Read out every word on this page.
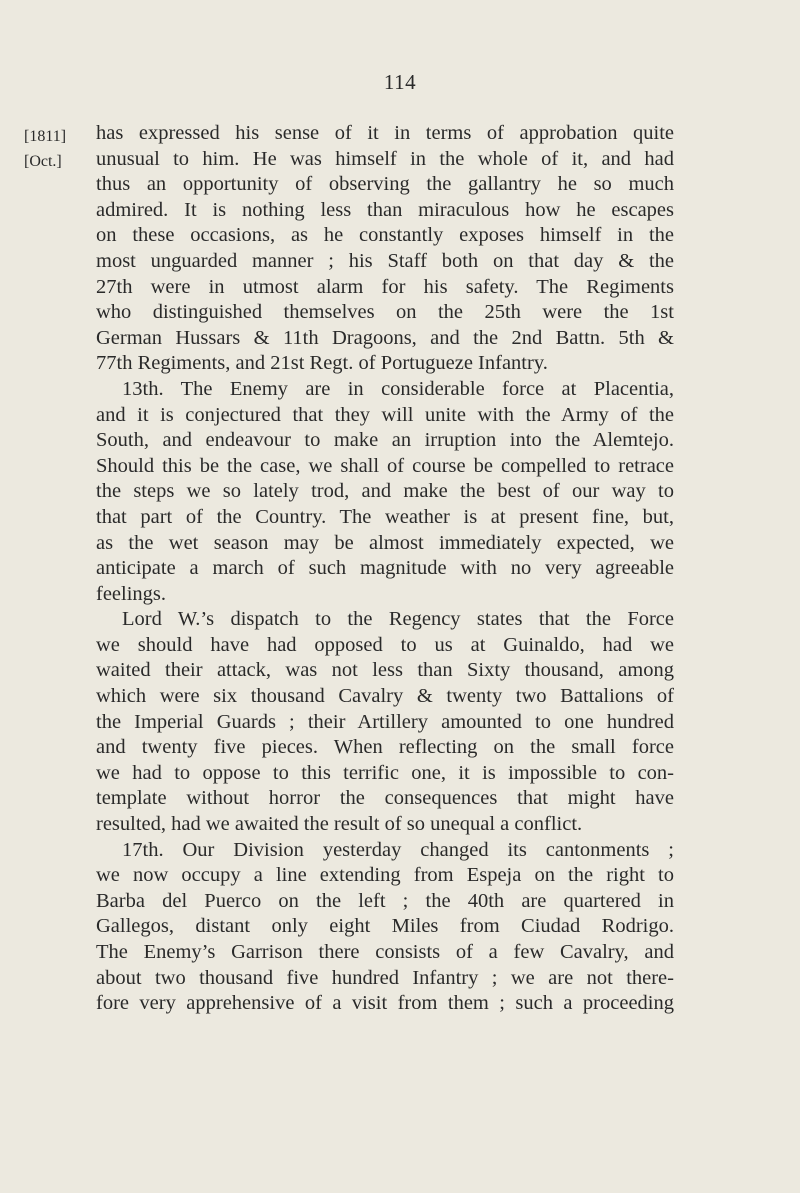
114
[1811]
[Oct.]
has expressed his sense of it in terms of approbation quite
unusual to him. He was himself in the whole of it, and had
thus an opportunity of observing the gallantry he so much
admired. It is nothing less than miraculous how he escapes
on these occasions, as he constantly exposes himself in the
most unguarded manner ; his Staff both on that day & the
27th were in utmost alarm for his safety. The Regiments
who distinguished themselves on the 25th were the 1st
German Hussars & 11th Dragoons, and the 2nd Battn. 5th &
77th Regiments, and 21st Regt. of Portugueze Infantry.
13th. The Enemy are in considerable force at Placentia,
and it is conjectured that they will unite with the Army of the
South, and endeavour to make an irruption into the Alemtejo.
Should this be the case, we shall of course be compelled to retrace
the steps we so lately trod, and make the best of our way to
that part of the Country. The weather is at present fine, but,
as the wet season may be almost immediately expected, we
anticipate a march of such magnitude with no very agreeable
feelings.
Lord W.’s dispatch to the Regency states that the Force
we should have had opposed to us at Guinaldo, had we
waited their attack, was not less than Sixty thousand, among
which were six thousand Cavalry & twenty two Battalions of
the Imperial Guards ; their Artillery amounted to one hundred
and twenty five pieces. When reflecting on the small force
we had to oppose to this terrific one, it is impossible to con-
template without horror the consequences that might have
resulted, had we awaited the result of so unequal a conflict.
17th. Our Division yesterday changed its cantonments ;
we now occupy a line extending from Espeja on the right to
Barba del Puerco on the left ; the 40th are quartered in
Gallegos, distant only eight Miles from Ciudad Rodrigo.
The Enemy’s Garrison there consists of a few Cavalry, and
about two thousand five hundred Infantry ; we are not there-
fore very apprehensive of a visit from them ; such a proceeding
